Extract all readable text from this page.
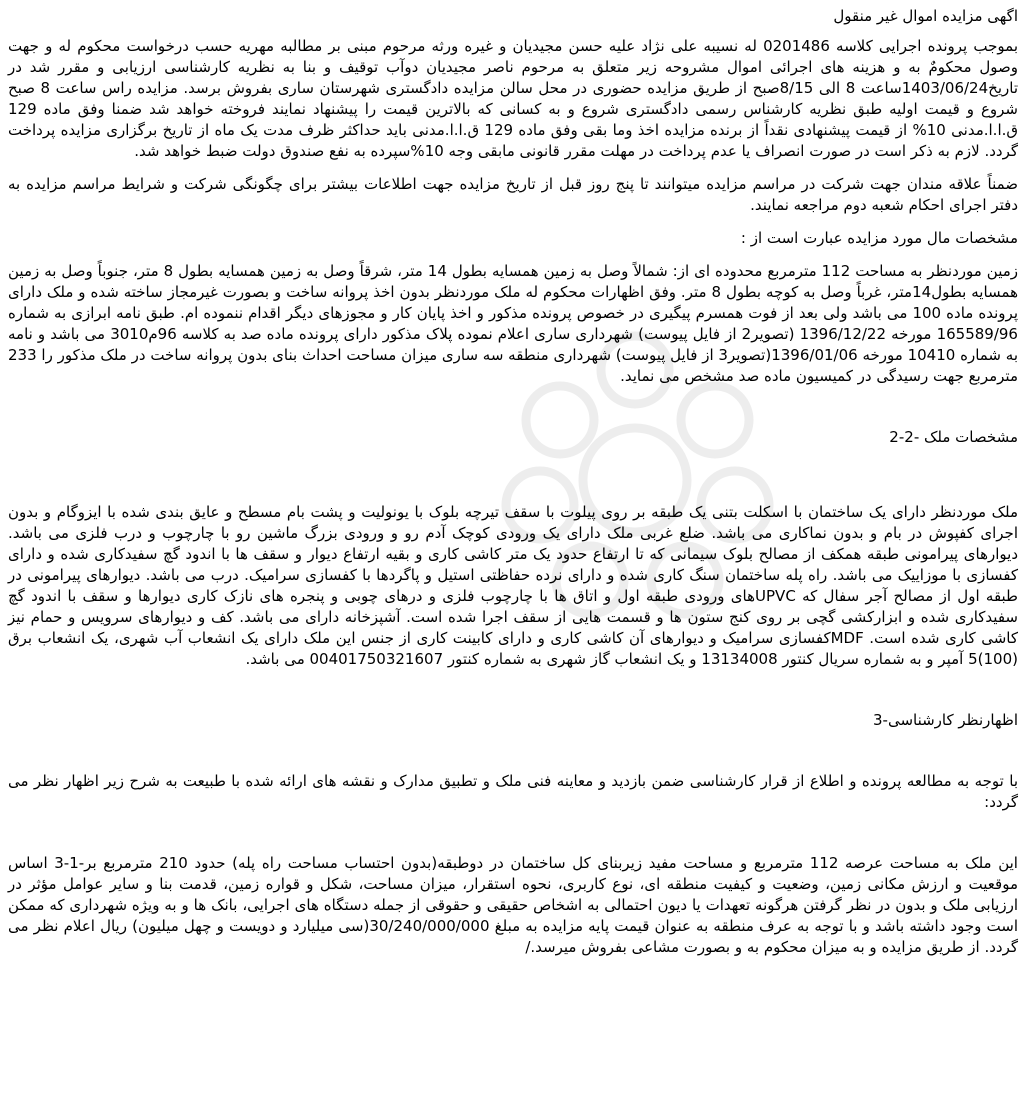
اگهی مزایده اموال غیر منقول

بموجب پرونده اجرایی کلاسه 0201486 له نسیبه علی نژاد علیه حسن مجیدیان و غیره ورثه مرحوم مبنی بر مطالبه مهریه حسب درخواست محکوم له و جهت وصول محکومٌ به و هزینه های اجرائی اموال مشروحه زیر متعلق به مرحوم ناصر مجیدیان دوآب توقیف و بنا به نظریه کارشناسی ارزیابی و مقرر شد در تاریخ1403/06/24ساعت 8 الی 8/15صبح از طریق مزایده حضوری در محل سالن مزایده دادگستری شهرستان ساری بفروش برسد. مزایده راس ساعت 8 صبح شروع و قیمت اولیه طبق نظریه کارشناس رسمی دادگستری شروع و به کسانی که بالاترین قیمت را پیشنهاد نمایند فروخته خواهد شد ضمنا وفق ماده 129 ق.ا.ا.مدنی 10% از قیمت پیشنهادی نقداً از برنده مزایده اخذ وما بقی وفق ماده 129 ق.ا.ا.مدنی باید حداکثر ظرف مدت یک ماه از تاریخ برگزاری مزایده پرداخت گردد. لازم به ذکر است در صورت انصراف یا عدم پرداخت در مهلت مقرر قانونی مابقی وجه 10%سپرده به نفع صندوق دولت ضبط خواهد شد.

ضمناً علاقه مندان جهت شرکت در مراسم مزایده میتوانند تا پنج روز قبل از تاریخ مزایده جهت اطلاعات بیشتر برای چگونگی شرکت و شرایط مراسم مزایده به دفتر اجرای احکام شعبه دوم مراجعه نمایند.

مشخصات مال مورد مزایده عبارت است از :

زمین موردنظر به مساحت 112 مترمربع محدوده ای از: شمالاً وصل به زمین همسایه بطول 14 متر، شرقاً وصل به زمین همسایه بطول 8 متر، جنوباً وصل به زمین همسایه بطول14متر، غرباً وصل به کوچه بطول 8 متر. وفق اظهارات محکوم له ملک موردنظر بدون اخذ پروانه ساخت و بصورت غیرمجاز ساخته شده و ملک دارای پرونده ماده 100 می باشد ولی بعد از فوت همسرم پیگیری در خصوص پرونده مذکور و اخذ پایان کار و مجوزهای دیگر اقدام ننموده ام. طبق نامه ابرازی به شماره 165589/96 مورخه 1396/12/22 (تصویر2 از فایل پیوست) شهرداری ساری اعلام نموده پلاک مذکور دارای پرونده ماده صد به کلاسه 96م3010 می باشد و نامه به شماره 10410 مورخه 1396/01/06(تصویر3 از فایل پیوست) شهرداری منطقه سه ساری میزان مساحت احداث بنای بدون پروانه ساخت در ملک مذکور را 233 مترمربع جهت رسیدگی در کمیسیون ماده صد مشخص می نماید.

مشخصات ملک -2-2

ملک موردنظر دارای یک ساختمان با اسکلت بتنی یک طبقه بر روی پیلوت با سقف تیرچه بلوک با یونولیت و پشت بام مسطح و عایق بندی شده با ایزوگام و بدون اجرای کفپوش در بام و بدون نماکاری می باشد. ضلع غربی ملک دارای یک ورودی کوچک آدم رو و ورودی بزرگ ماشین رو با چارچوب و درب فلزی می باشد. دیوارهای پیرامونی طبقه همکف از مصالح بلوک سیمانی که تا ارتفاع حدود یک متر کاشی کاری و بقیه ارتفاع دیوار و سقف ها با اندود گچ سفیدکاری شده و دارای کفسازی با موزاییک می باشد. راه پله ساختمان سنگ کاری شده و دارای نرده حفاظتی استیل و پاگردها با کفسازی سرامیک. درب می باشد. دیوارهای پیرامونی در طبقه اول از مصالح آجر سفال که UPVCهای ورودی طبقه اول و اتاق ها با چارچوب فلزی و درهای چوبی و پنجره های نازک کاری دیوارها و سقف با اندود گچ سفیدکاری شده و ابزارکشی گچی بر روی کنج ستون ها و قسمت هایی از سقف اجرا شده است. آشپزخانه دارای می باشد. کف و دیوارهای سرویس و حمام نیز کاشی کاری شده است. MDFکفسازی سرامیک و دیوارهای آن کاشی کاری و دارای کابینت کاری از جنس این ملک دارای یک انشعاب آب شهری، یک انشعاب برق (100)5 آمپر و به شماره سریال کنتور 13134008 و یک انشعاب گاز شهری به شماره کنتور 00401750321607 می باشد.

اظهارنظر کارشناسی-3

با توجه به مطالعه پرونده و اطلاع از قرار کارشناسی ضمن بازدید و معاینه فنی ملک و تطبیق مدارک و نقشه های ارائه شده با طبیعت به شرح زیر اظهار نظر می گردد:

این ملک به مساحت عرصه 112 مترمربع و مساحت مفید زیربنای کل ساختمان در دوطبقه(بدون احتساب مساحت راه پله) حدود 210 مترمربع بر-1-3 اساس موقعیت و ارزش مکانی زمین، وضعیت و کیفیت منطقه ای، نوع کاربری، نحوه استقرار، میزان مساحت، شکل و قواره زمین، قدمت بنا و سایر عوامل مؤثر در ارزیابی ملک و بدون در نظر گرفتن هرگونه تعهدات یا دیون احتمالی به اشخاص حقیقی و حقوقی از جمله دستگاه های اجرایی، بانک ها و به ویژه شهرداری که ممکن است وجود داشته باشد و با توجه به عرف منطقه به عنوان قیمت پایه مزایده به مبلغ 30/240/000/000(سی میلیارد و دویست و چهل میلیون) ریال اعلام نظر می گردد. از طریق مزایده و به میزان محکوم به و بصورت مشاعی بفروش میرسد./
